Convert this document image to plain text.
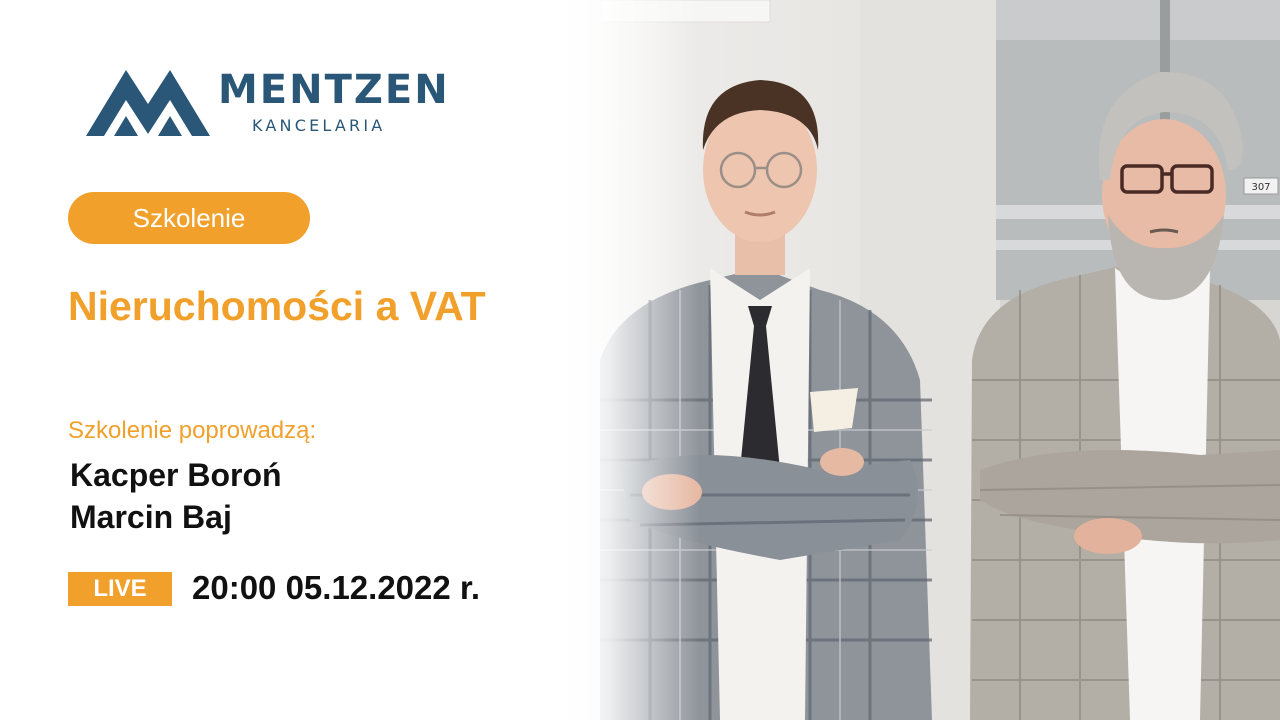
307
MENTZEN
KANCELARIA
Szkolenie
Nieruchomości a VAT
Szkolenie poprowadzą:
Kacper Boroń
Marcin Baj
LIVE	20:00 05.12.2022 r.
